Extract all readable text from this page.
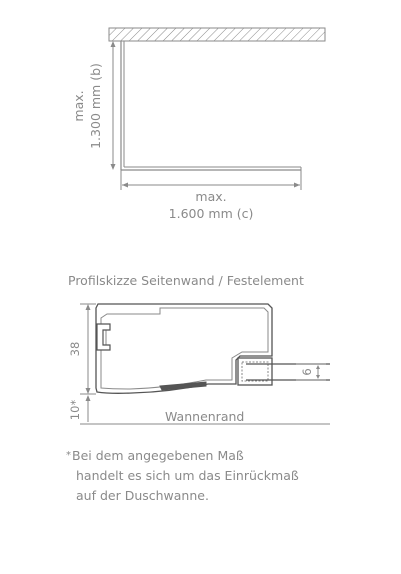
max. 1.300 mm (b)
max.
1.600 mm (c)
Profilskizze Seitenwand / Festelement
38
10*	Wannenrand
6
*Bei dem angegebenen Maß
handelt es sich um das Einrückmaß
auf der Duschwanne.
